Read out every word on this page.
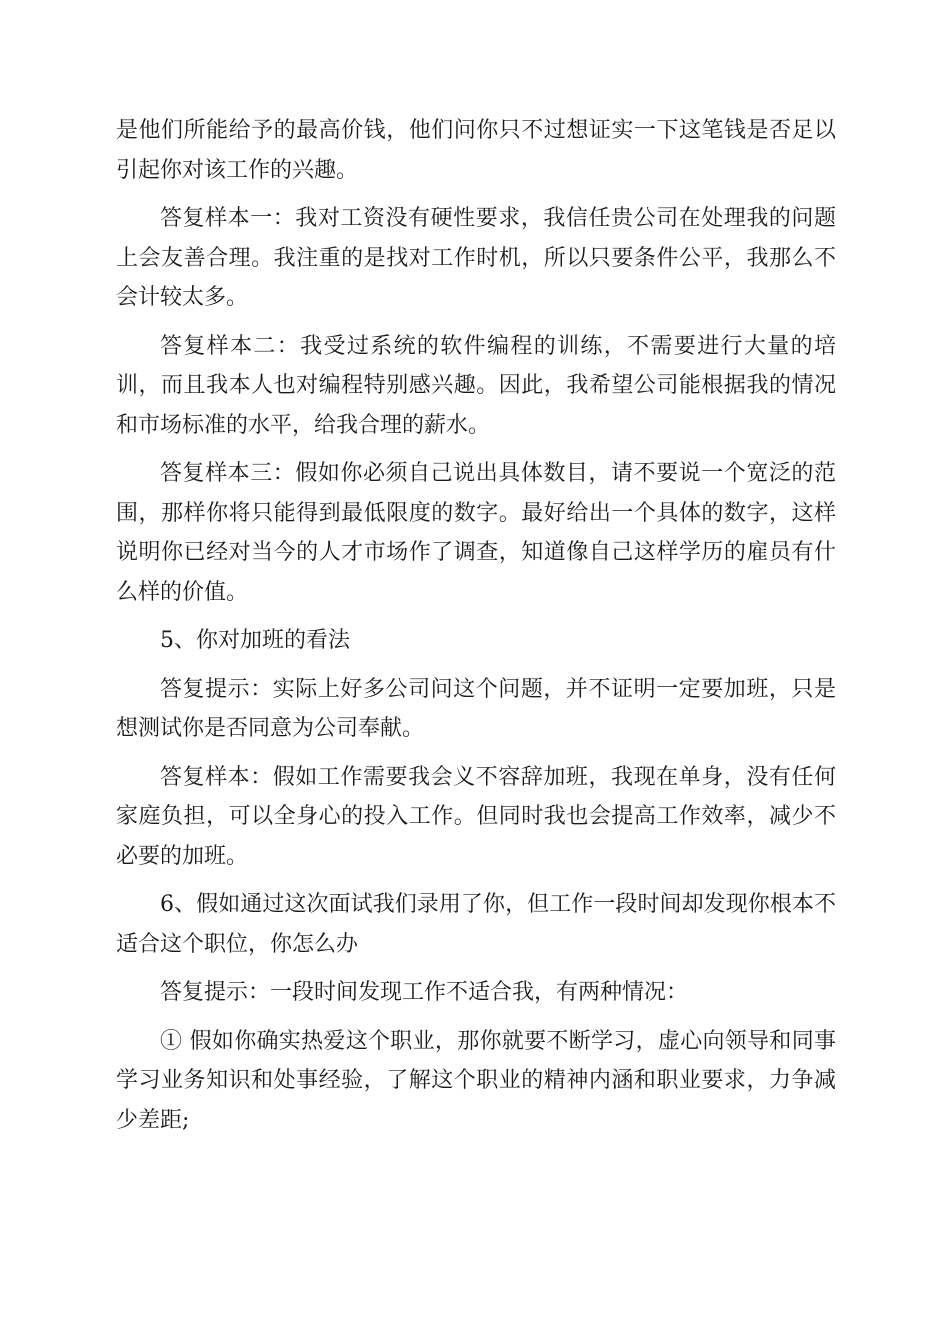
是他们所能给予的最高价钱，他们问你只不过想证实一下这笔钱是否足以引起你对该工作的兴趣。

答复样本一：我对工资没有硬性要求，我信任贵公司在处理我的问题上会友善合理。我注重的是找对工作时机，所以只要条件公平，我那么不会计较太多。

答复样本二：我受过系统的软件编程的训练，不需要进行大量的培训，而且我本人也对编程特别感兴趣。因此，我希望公司能根据我的情况和市场标准的水平，给我合理的薪水。

答复样本三：假如你必须自己说出具体数目，请不要说一个宽泛的范围，那样你将只能得到最低限度的数字。最好给出一个具体的数字，这样说明你已经对当今的人才市场作了调查，知道像自己这样学历的雇员有什么样的价值。

5、你对加班的看法

答复提示：实际上好多公司问这个问题，并不证明一定要加班，只是想测试你是否同意为公司奉献。

答复样本：假如工作需要我会义不容辞加班，我现在单身，没有任何家庭负担，可以全身心的投入工作。但同时我也会提高工作效率，减少不必要的加班。

6、假如通过这次面试我们录用了你，但工作一段时间却发现你根本不适合这个职位，你怎么办

答复提示：一段时间发现工作不适合我，有两种情况：

① 假如你确实热爱这个职业，那你就要不断学习，虚心向领导和同事学习业务知识和处事经验，了解这个职业的精神内涵和职业要求，力争减少差距;
